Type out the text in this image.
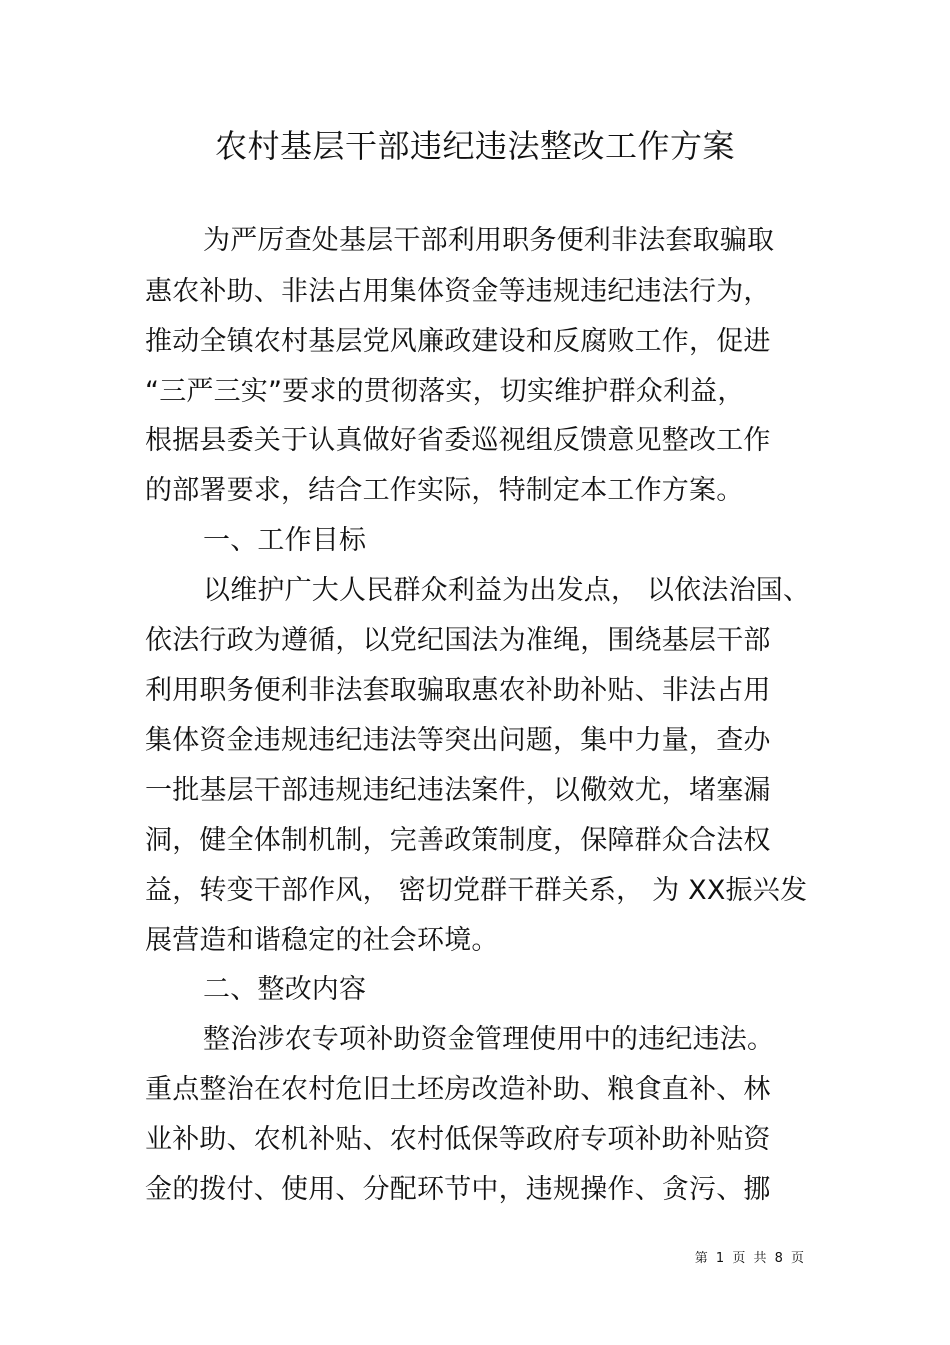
农村基层干部违纪违法整改工作方案
为严厉查处基层干部利用职务便利非法套取骗取
惠农补助、非法占用集体资金等违规违纪违法行为，
推动全镇农村基层党风廉政建设和反腐败工作，促进
“三严三实”要求的贯彻落实，切实维护群众利益，
根据县委关于认真做好省委巡视组反馈意见整改工作
的部署要求，结合工作实际，特制定本工作方案。
一、工作目标
以维护广大人民群众利益为出发点， 以依法治国、
依法行政为遵循，以党纪国法为准绳，围绕基层干部
利用职务便利非法套取骗取惠农补助补贴、非法占用
集体资金违规违纪违法等突出问题，集中力量，查办
一批基层干部违规违纪违法案件，以儆效尤，堵塞漏
洞，健全体制机制，完善政策制度，保障群众合法权
益，转变干部作风， 密切党群干群关系， 为 XX振兴发
展营造和谐稳定的社会环境。
二、整改内容
整治涉农专项补助资金管理使用中的违纪违法。
重点整治在农村危旧土坯房改造补助、粮食直补、林
业补助、农机补贴、农村低保等政府专项补助补贴资
金的拨付、使用、分配环节中，违规操作、贪污、挪
第 1 页 共 8 页
